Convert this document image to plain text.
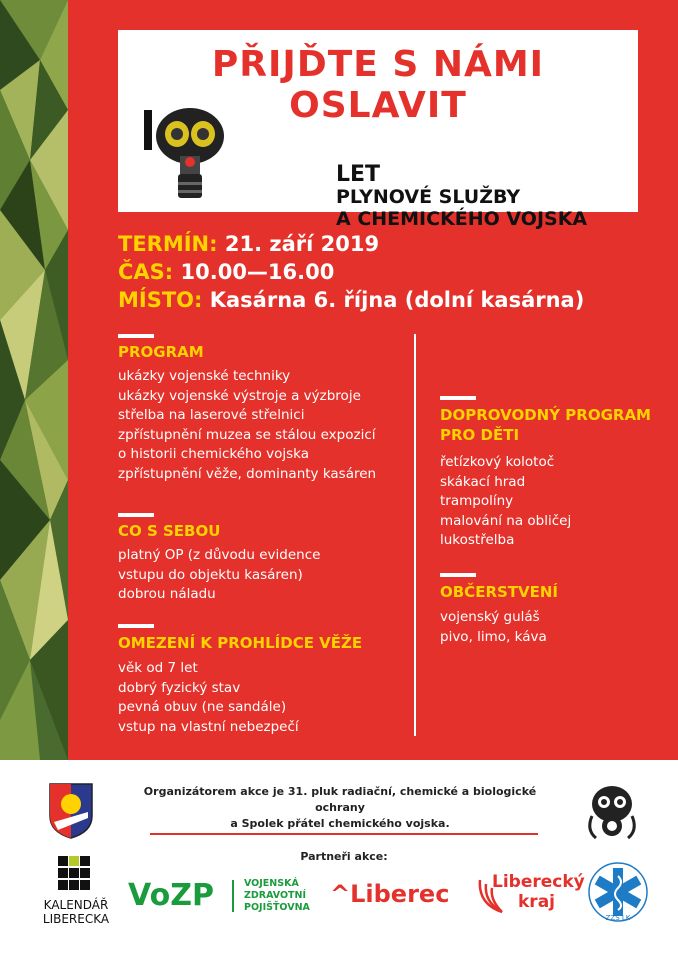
PŘIJĎTE S NÁMI OSLAVIT
LET
PLYNOVÉ SLUŽBY
A CHEMICKÉHO VOJSKA
TERMÍN: 21. září 2019
ČAS: 10.00—16.00
MÍSTO: Kasárna 6. října (dolní kasárna)
PROGRAM
ukázky vojenské techniky
ukázky vojenské výstroje a výzbroje
střelba na laserové střelnici
zpřístupnění muzea se stálou expozicí
o historii chemického vojska
zpřístupnění věže, dominanty kasáren
CO S SEBOU
platný OP (z důvodu evidence
vstupu do objektu kasáren)
dobrou náladu
OMEZENÍ K PROHLÍDCE VĚŽE
věk od 7 let
dobrý fyzický stav
pevná obuv (ne sandále)
vstup na vlastní nebezpečí
DOPROVODNÝ PROGRAM
PRO DĚTI
řetízkový kolotoč
skákací hrad
trampolíny
malování na obličej
lukostřelba
OBČERSTVENÍ
vojenský guláš
pivo, limo, káva
Organizátorem akce je 31. pluk radiační, chemické a biologické ochrany
a Spolek přátel chemického vojska.
Partneři akce:
KALENDÁŘ
LIBERECKA
VoZP	VOJENSKÁ
ZDRAVOTNÍ
POJIŠŤOVNA ^Liberec	Liberecký
kraj
ZZS LK
